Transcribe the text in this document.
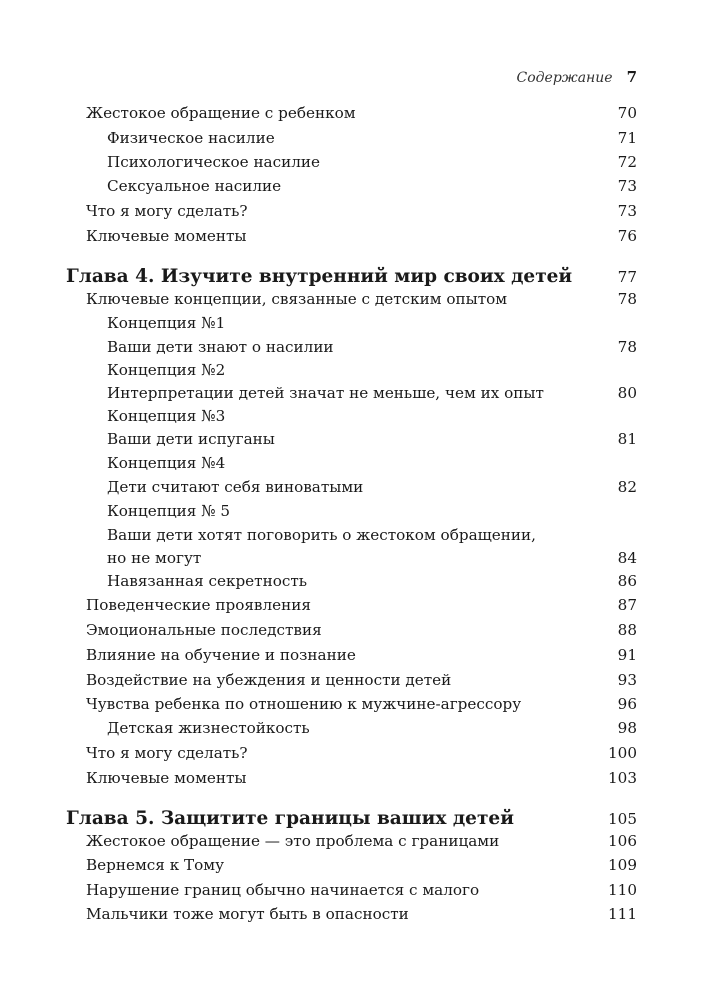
Содержание 7
Жестокое обращение с ребенком	70
Физическое насилие	71
Психологическое насилие	72
Сексуальное насилие	73
Что я могу сделать?	73
Ключевые моменты	76
Глава 4. Изучите внутренний мир своих детей	77
Ключевые концепции, связанные с детским опытом	78
Концепция №1
Ваши дети знают о насилии	78
Концепция №2
Интерпретации детей значат не меньше, чем их опыт	80
Концепция №3
Ваши дети испуганы	81
Концепция №4
Дети считают себя виноватыми	82
Концепция № 5
Ваши дети хотят поговорить о жестоком обращении,
но не могут	84
Навязанная секретность	86
Поведенческие проявления	87
Эмоциональные последствия	88
Влияние на обучение и познание	91
Воздействие на убеждения и ценности детей	93
Чувства ребенка по отношению к мужчине-агрессору	96
Детская жизнестойкость	98
Что я могу сделать?	100
Ключевые моменты	103
Глава 5. Защитите границы ваших детей	105
Жестокое обращение — это проблема с границами	106
Вернемся к Тому	109
Нарушение границ обычно начинается с малого	110
Мальчики тоже могут быть в опасности	111
